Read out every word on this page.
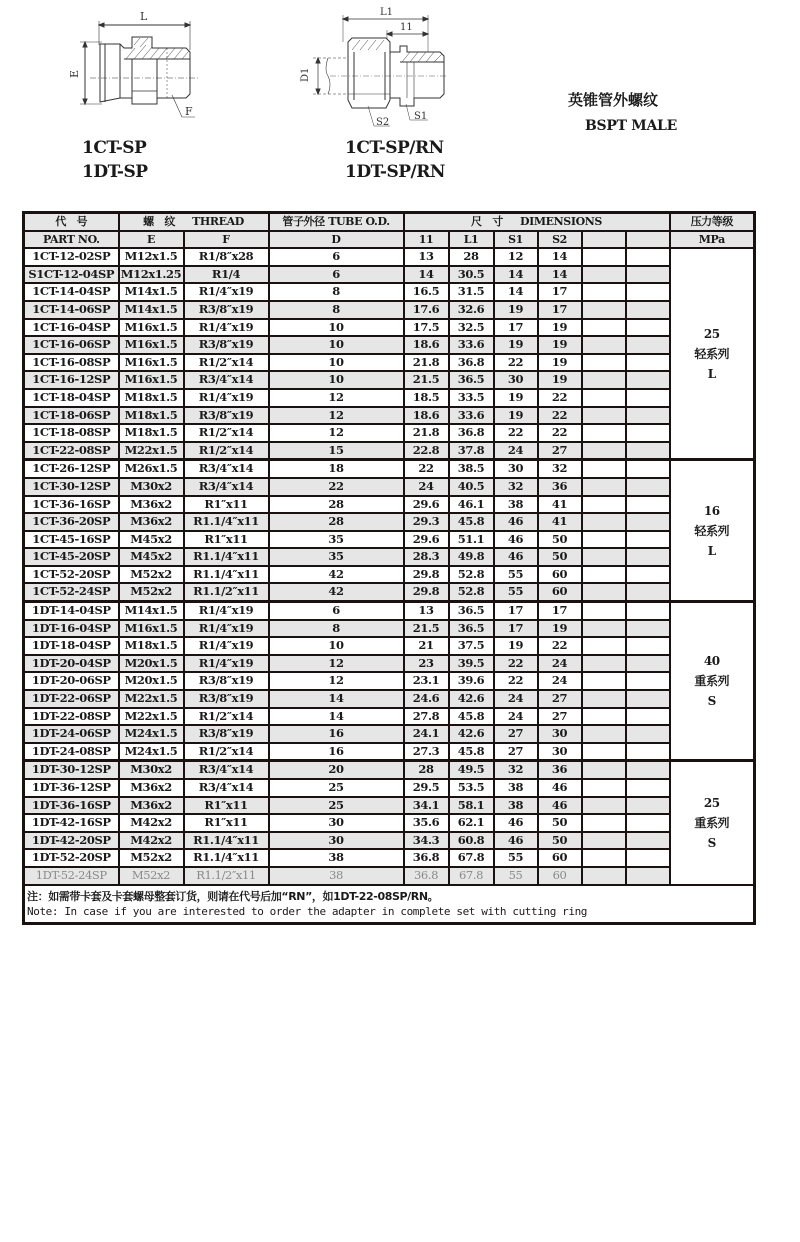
L
E
F
1CT-SP
1DT-SP
L1
11
D1
S2
S1
1CT-SP/RN
1DT-SP/RN
英锥管外螺纹
BSPT MALE
代　号	螺　纹 THREAD		管子外径 TUBE O.D.	尺　寸 DIMENSIONS						压力等级
PART NO.	E	F	D	11	L1	S1	S2			MPa
1CT-12-02SP	M12x1.5	R1/8″x28	6	13	28	12	14			25
轻系列
L

S1CT-12-04SP	M12x1.25	R1/4	6	14	30.5	14	14			
1CT-14-04SP	M14x1.5	R1/4″x19	8	16.5	31.5	14	17			
1CT-14-06SP	M14x1.5	R3/8″x19	8	17.6	32.6	19	17			
1CT-16-04SP	M16x1.5	R1/4″x19	10	17.5	32.5	17	19			
1CT-16-06SP	M16x1.5	R3/8″x19	10	18.6	33.6	19	19			
1CT-16-08SP	M16x1.5	R1/2″x14	10	21.8	36.8	22	19			
1CT-16-12SP	M16x1.5	R3/4″x14	10	21.5	36.5	30	19			
1CT-18-04SP	M18x1.5	R1/4″x19	12	18.5	33.5	19	22			
1CT-18-06SP	M18x1.5	R3/8″x19	12	18.6	33.6	19	22			
1CT-18-08SP	M18x1.5	R1/2″x14	12	21.8	36.8	22	22			
1CT-22-08SP	M22x1.5	R1/2″x14	15	22.8	37.8	24	27			
1CT-26-12SP	M26x1.5	R3/4″x14	18	22	38.5	30	32			16
轻系列
L

1CT-30-12SP	M30x2	R3/4″x14	22	24	40.5	32	36			
1CT-36-16SP	M36x2	R1″x11	28	29.6	46.1	38	41			
1CT-36-20SP	M36x2	R1.1/4″x11	28	29.3	45.8	46	41			
1CT-45-16SP	M45x2	R1″x11	35	29.6	51.1	46	50			
1CT-45-20SP	M45x2	R1.1/4″x11	35	28.3	49.8	46	50			
1CT-52-20SP	M52x2	R1.1/4″x11	42	29.8	52.8	55	60			
1CT-52-24SP	M52x2	R1.1/2″x11	42	29.8	52.8	55	60			
1DT-14-04SP	M14x1.5	R1/4″x19	6	13	36.5	17	17			40
重系列
S

1DT-16-04SP	M16x1.5	R1/4″x19	8	21.5	36.5	17	19			
1DT-18-04SP	M18x1.5	R1/4″x19	10	21	37.5	19	22			
1DT-20-04SP	M20x1.5	R1/4″x19	12	23	39.5	22	24			
1DT-20-06SP	M20x1.5	R3/8″x19	12	23.1	39.6	22	24			
1DT-22-06SP	M22x1.5	R3/8″x19	14	24.6	42.6	24	27			
1DT-22-08SP	M22x1.5	R1/2″x14	14	27.8	45.8	24	27			
1DT-24-06SP	M24x1.5	R3/8″x19	16	24.1	42.6	27	30			
1DT-24-08SP	M24x1.5	R1/2″x14	16	27.3	45.8	27	30			
1DT-30-12SP	M30x2	R3/4″x14	20	28	49.5	32	36			25
重系列
S

1DT-36-12SP	M36x2	R3/4″x14	25	29.5	53.5	38	46			
1DT-36-16SP	M36x2	R1″x11	25	34.1	58.1	38	46			
1DT-42-16SP	M42x2	R1″x11	30	35.6	62.1	46	50			
1DT-42-20SP	M42x2	R1.1/4″x11	30	34.3	60.8	46	50			
1DT-52-20SP	M52x2	R1.1/4″x11	38	36.8	67.8	55	60			
1DT-52-24SP	M52x2	R1.1/2″x11	38	36.8	67.8	55	60			

注：如需带卡套及卡套螺母整套订货，则请在代号后加“RN”，如1DT-22-08SP/RN。
Note: In case if you are interested to order the adapter in complete set with cutting ring										
